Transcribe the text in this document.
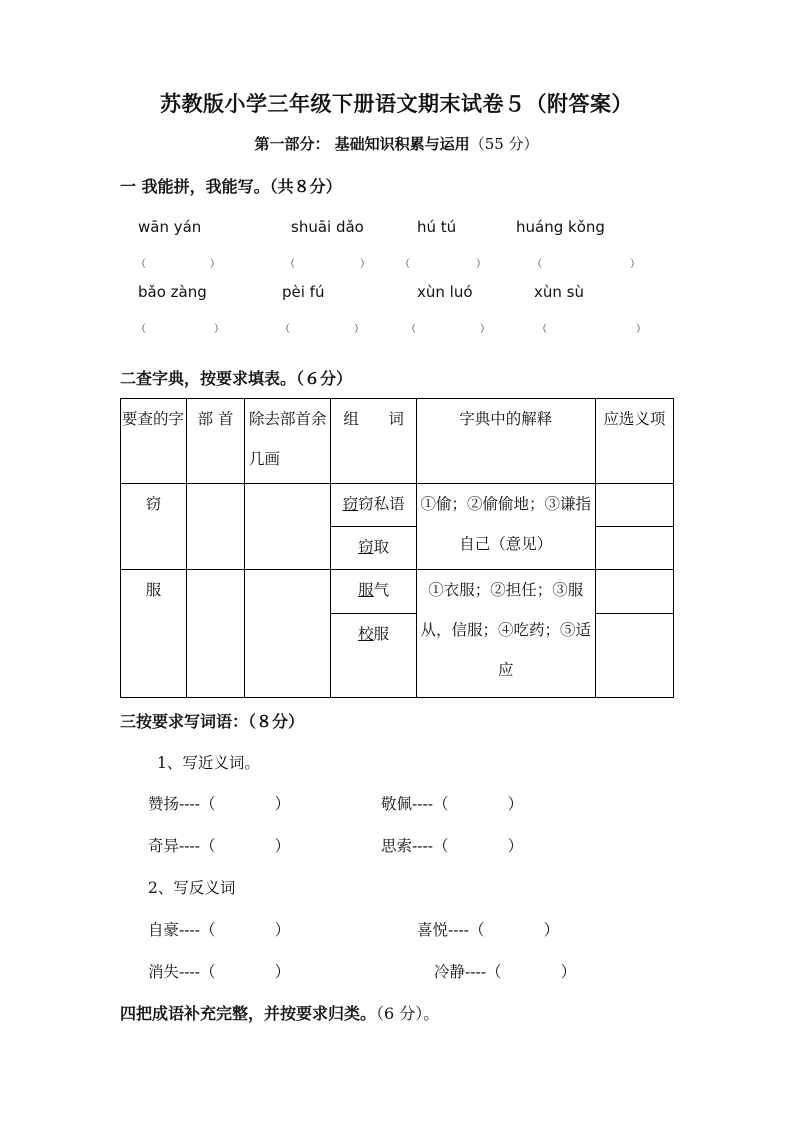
苏教版小学三年级下册语文期末试卷５（附答案）
第一部分： 基础知识积累与运用（55 分）
一 我能拼，我能写。（共８分）
wān yán	shuāi dǎo	hú tú	huáng kǒng
（	）	（	）	（	）	（	）
bǎo zàng	pèi fú	xùn luó	xùn sù
（	）	（	）	（	）	（	）
二查字典，按要求填表。（６分）
要查的字	部 首	除去部首余几画	组      词	字典中的解释	应选义项
窃			窃窃私语	①偷；②偷偷地；③谦指自己（意见）	
			窃取		
服			服气	①衣服；②担任；③服从，信服；④吃药；⑤适应	
			校服		
三按要求写词语：（８分）
1、写近义词。
赞扬----（            ）	敬佩----（            ）
奇异----（            ）	思索----（            ）
2、写反义词
自豪----（            ）	喜悦----（            ）
消失----（            ）	冷静----（            ）
四把成语补充完整，并按要求归类。（6 分）。
